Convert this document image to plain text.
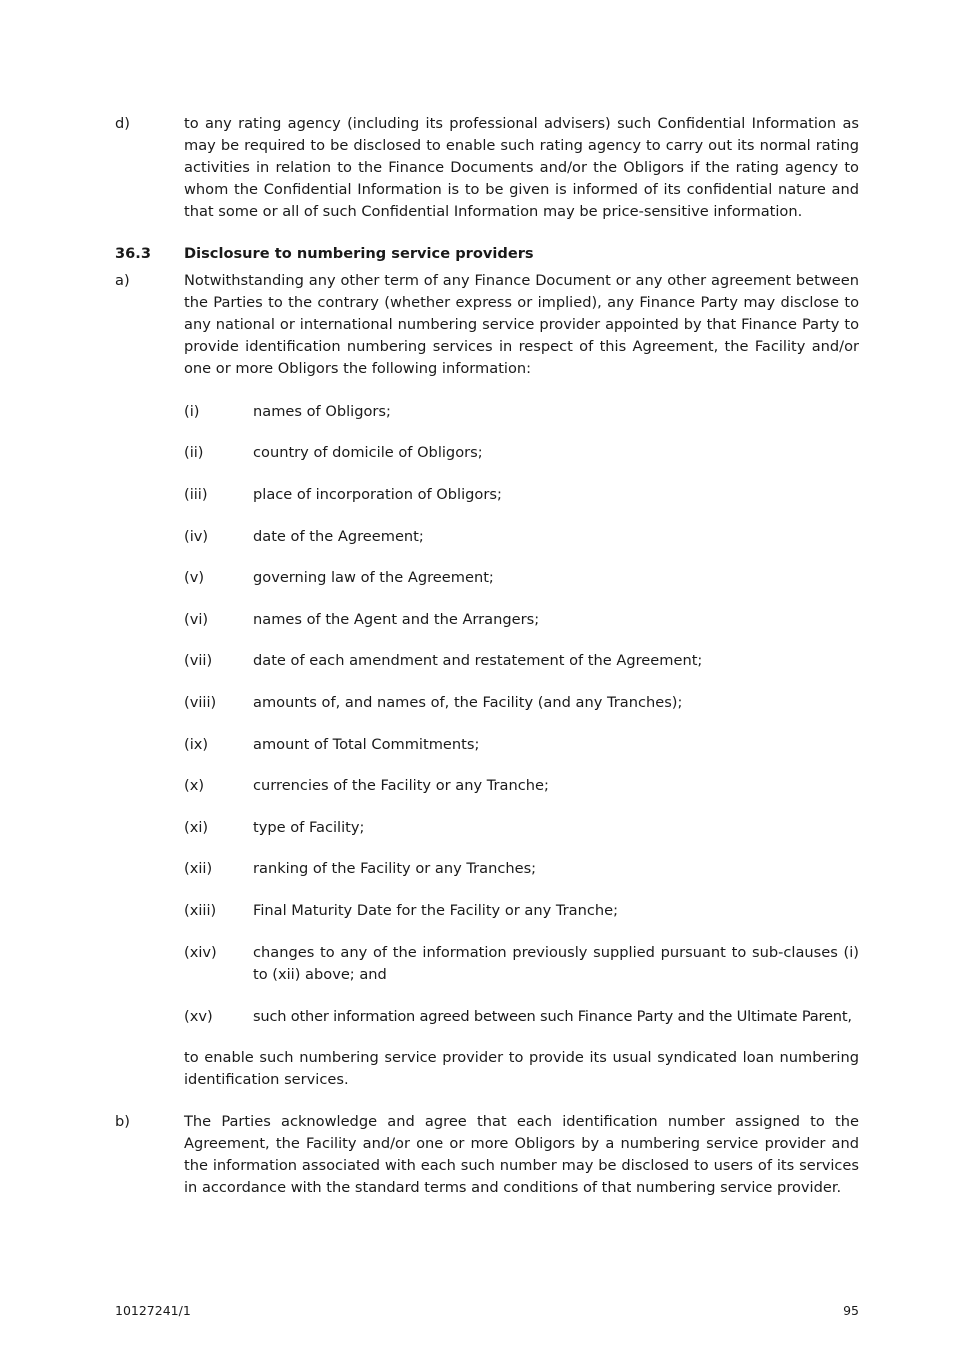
d)	to any rating agency (including its professional advisers) such Confidential Information as may be required to be disclosed to enable such rating agency to carry out its normal rating activities in relation to the Finance Documents and/or the Obligors if the rating agency to whom the Confidential Information is to be given is informed of its confidential nature and that some or all of such Confidential Information may be price-sensitive information.
36.3 Disclosure to numbering service providers
a)	Notwithstanding any other term of any Finance Document or any other agreement between the Parties to the contrary (whether express or implied), any Finance Party may disclose to any national or international numbering service provider appointed by that Finance Party to provide identification numbering services in respect of this Agreement, the Facility and/or one or more Obligors the following information:
(i)	names of Obligors;
(ii)	country of domicile of Obligors;
(iii)	place of incorporation of Obligors;
(iv)	date of the Agreement;
(v)	governing law of the Agreement;
(vi)	names of the Agent and the Arrangers;
(vii)	date of each amendment and restatement of the Agreement;
(viii)	amounts of, and names of, the Facility (and any Tranches);
(ix)	amount of Total Commitments;
(x)	currencies of the Facility or any Tranche;
(xi)	type of Facility;
(xii)	ranking of the Facility or any Tranches;
(xiii)	Final Maturity Date for the Facility or any Tranche;
(xiv) changes to any of the information previously supplied pursuant to sub-clauses (i) to (xii) above; and
(xv)	such other information agreed between such Finance Party and the Ultimate Parent,
to enable such numbering service provider to provide its usual syndicated loan numbering identification services.
b)	The Parties acknowledge and agree that each identification number assigned to the Agreement, the Facility and/or one or more Obligors by a numbering service provider and the information associated with each such number may be disclosed to users of its services in accordance with the standard terms and conditions of that numbering service provider.
10127241/1	95
